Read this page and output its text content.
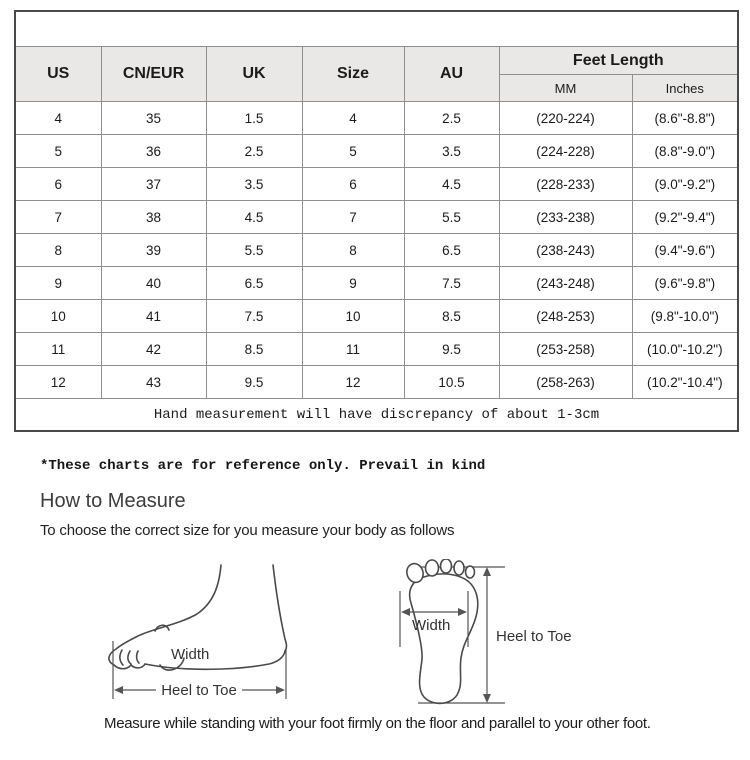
US	CN/EUR	UK	Size	AU	Feet Length	
					MM	Inches
4	35	1.5	4	2.5	(220-224)	(8.6"-8.8")
5	36	2.5	5	3.5	(224-228)	(8.8"-9.0")
6	37	3.5	6	4.5	(228-233)	(9.0"-9.2")
7	38	4.5	7	5.5	(233-238)	(9.2"-9.4")
8	39	5.5	8	6.5	(238-243)	(9.4"-9.6")
9	40	6.5	9	7.5	(243-248)	(9.6"-9.8")
10	41	7.5	10	8.5	(248-253)	(9.8"-10.0")
11	42	8.5	11	9.5	(253-258)	(10.0"-10.2")
12	43	9.5	12	10.5	(258-263)	(10.2"-10.4")
Hand measurement will have discrepancy of about 1-3cm						
*These charts are for reference only. Prevail in kind
How to Measure
To choose the correct size for you measure your body as follows
Width
Heel to Toe
Width
Heel to Toe
Measure while standing with your foot firmly on the floor and parallel to your other foot.
